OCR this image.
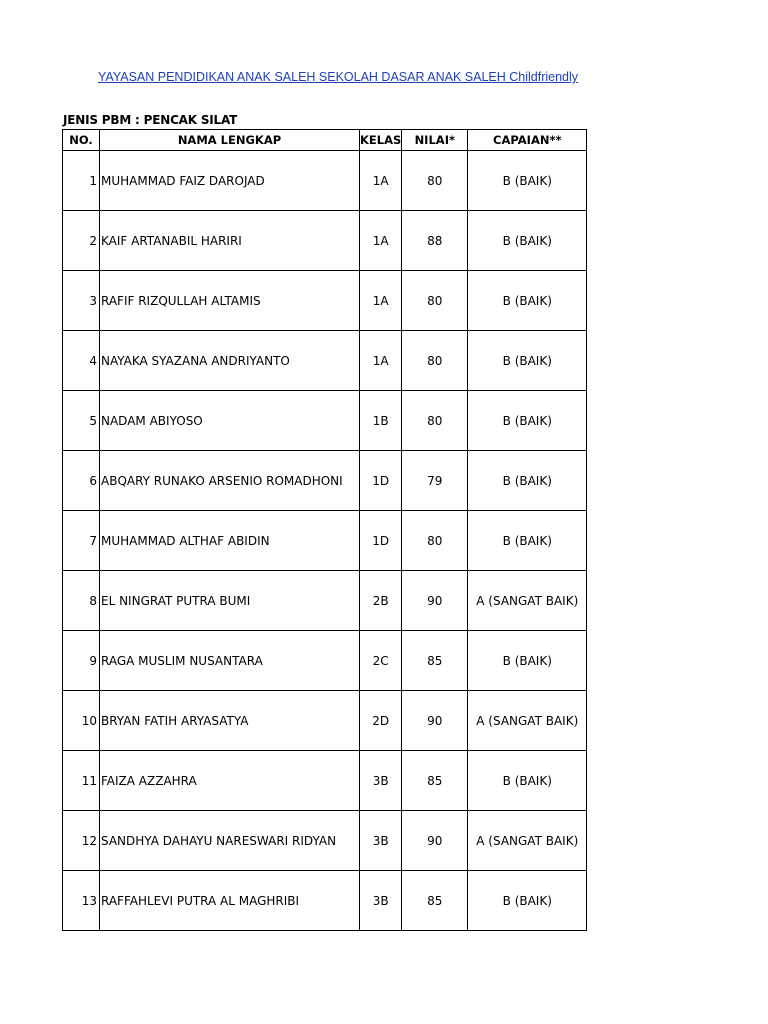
YAYASAN PENDIDIKAN ANAK SALEH SEKOLAH DASAR ANAK SALEH Childfriendly
JENIS PBM : PENCAK SILAT
NO.	NAMA LENGKAP	KELAS	NILAI*	CAPAIAN**
1	MUHAMMAD FAIZ DAROJAD	1A	80	B (BAIK)
2	KAIF ARTANABIL HARIRI	1A	88	B (BAIK)
3	RAFIF RIZQULLAH ALTAMIS	1A	80	B (BAIK)
4	NAYAKA SYAZANA ANDRIYANTO	1A	80	B (BAIK)
5	NADAM ABIYOSO	1B	80	B (BAIK)
6	ABQARY RUNAKO ARSENIO ROMADHONI	1D	79	B (BAIK)
7	MUHAMMAD ALTHAF ABIDIN	1D	80	B (BAIK)
8	EL NINGRAT PUTRA BUMI	2B	90	A (SANGAT BAIK)
9	RAGA MUSLIM NUSANTARA	2C	85	B (BAIK)
10	BRYAN FATIH ARYASATYA	2D	90	A (SANGAT BAIK)
11	FAIZA AZZAHRA	3B	85	B (BAIK)
12	SANDHYA DAHAYU NARESWARI RIDYAN	3B	90	A (SANGAT BAIK)
13	RAFFAHLEVI PUTRA AL MAGHRIBI	3B	85	B (BAIK)
